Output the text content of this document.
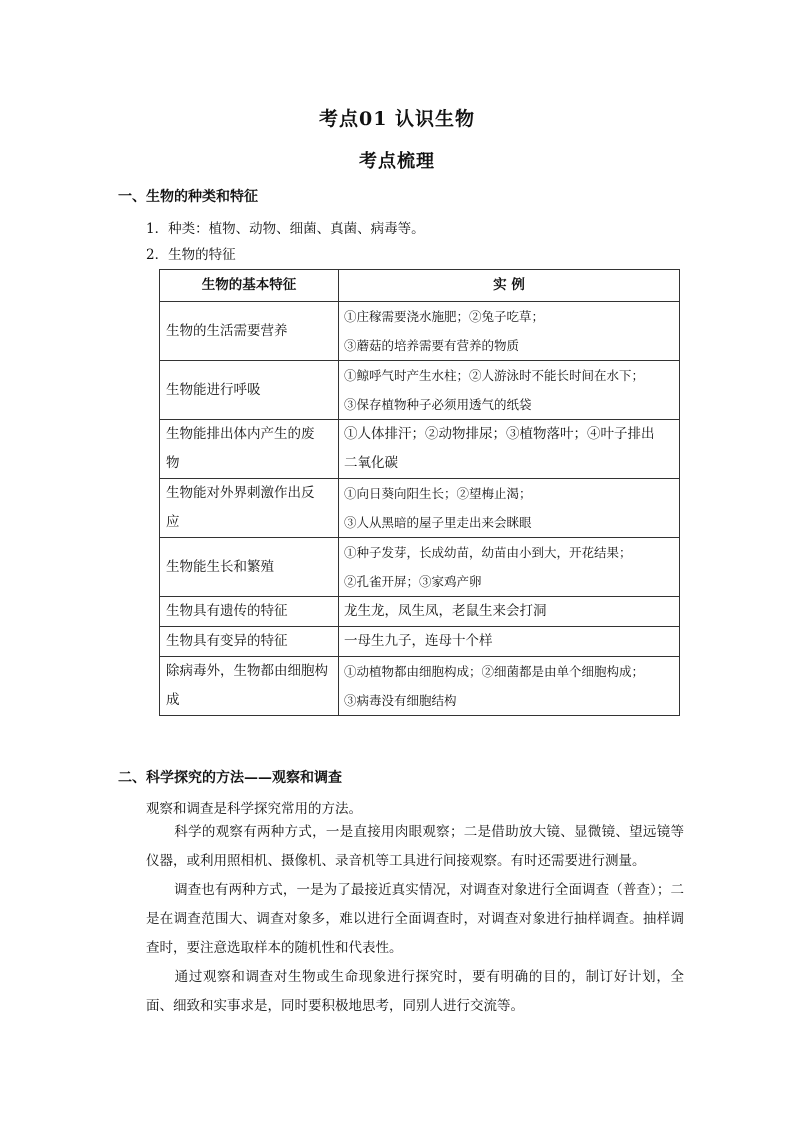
考点01 认识生物
考点梳理
一、生物的种类和特征
1．种类：植物、动物、细菌、真菌、病毒等。
2．生物的特征
生物的基本特征	实 例
生物的生活需要营养	①庄稼需要浇水施肥；②兔子吃草；
③蘑菇的培养需要有营养的物质

生物能进行呼吸	①鲸呼气时产生水柱；②人游泳时不能长时间在水下；
③保存植物种子必须用透气的纸袋

生物能排出体内产生的废
物	①人体排汗；②动物排尿；③植物落叶；④叶子排出
二氧化碳

生物能对外界刺激作出反
应	①向日葵向阳生长；②望梅止渴；
③人从黑暗的屋子里走出来会眯眼

生物能生长和繁殖	①种子发芽，长成幼苗，幼苗由小到大，开花结果；
②孔雀开屏；③家鸡产卵

生物具有遗传的特征	龙生龙，凤生凤，老鼠生来会打洞

生物具有变异的特征	一母生九子，连母十个样

除病毒外，生物都由细胞构
成	①动植物都由细胞构成；②细菌都是由单个细胞构成；
③病毒没有细胞结构
二、科学探究的方法——观察和调查
观察和调查是科学探究常用的方法。
科学的观察有两种方式，一是直接用肉眼观察；二是借助放大镜、显微镜、望远镜等仪器，或利用照相机、摄像机、录音机等工具进行间接观察。有时还需要进行测量。
调查也有两种方式，一是为了最接近真实情况，对调查对象进行全面调查（普查）；二是在调查范围大、调查对象多，难以进行全面调查时，对调查对象进行抽样调查。抽样调查时，要注意选取样本的随机性和代表性。
通过观察和调查对生物或生命现象进行探究时，要有明确的目的，制订好计划，全面、细致和实事求是，同时要积极地思考，同别人进行交流等。
